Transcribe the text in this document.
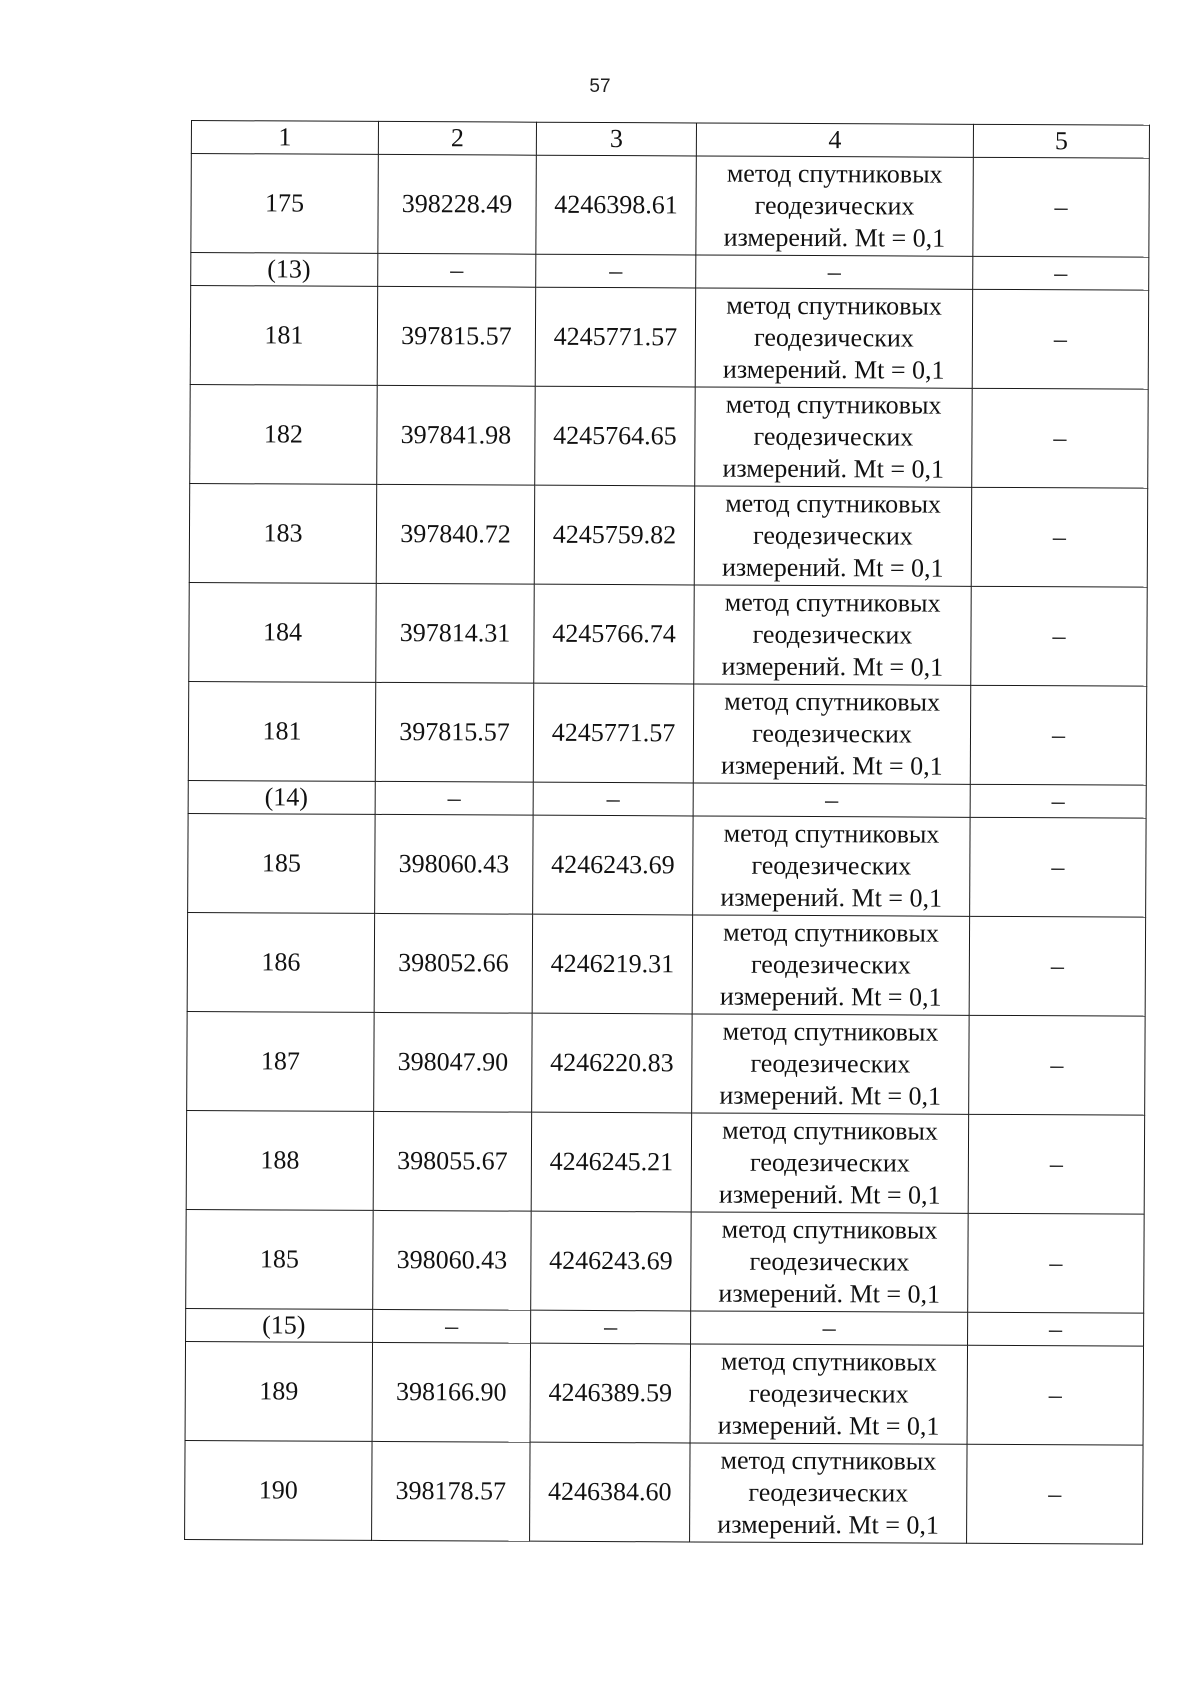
57
1	2	3	4	5
175	398228.49	4246398.61	метод спутниковых
геодезических
измерений. Mt = 0,1	–
(13)	–	–	–	–
181	397815.57	4245771.57	метод спутниковых
геодезических
измерений. Mt = 0,1	–
182	397841.98	4245764.65	метод спутниковых
геодезических
измерений. Mt = 0,1	–
183	397840.72	4245759.82	метод спутниковых
геодезических
измерений. Mt = 0,1	–
184	397814.31	4245766.74	метод спутниковых
геодезических
измерений. Mt = 0,1	–
181	397815.57	4245771.57	метод спутниковых
геодезических
измерений. Mt = 0,1	–
(14)	–	–	–	–
185	398060.43	4246243.69	метод спутниковых
геодезических
измерений. Mt = 0,1	–
186	398052.66	4246219.31	метод спутниковых
геодезических
измерений. Mt = 0,1	–
187	398047.90	4246220.83	метод спутниковых
геодезических
измерений. Mt = 0,1	–
188	398055.67	4246245.21	метод спутниковых
геодезических
измерений. Mt = 0,1	–
185	398060.43	4246243.69	метод спутниковых
геодезических
измерений. Mt = 0,1	–
(15)	–	–	–	–
189	398166.90	4246389.59	метод спутниковых
геодезических
измерений. Mt = 0,1	–
190	398178.57	4246384.60	метод спутниковых
геодезических
измерений. Mt = 0,1	–
